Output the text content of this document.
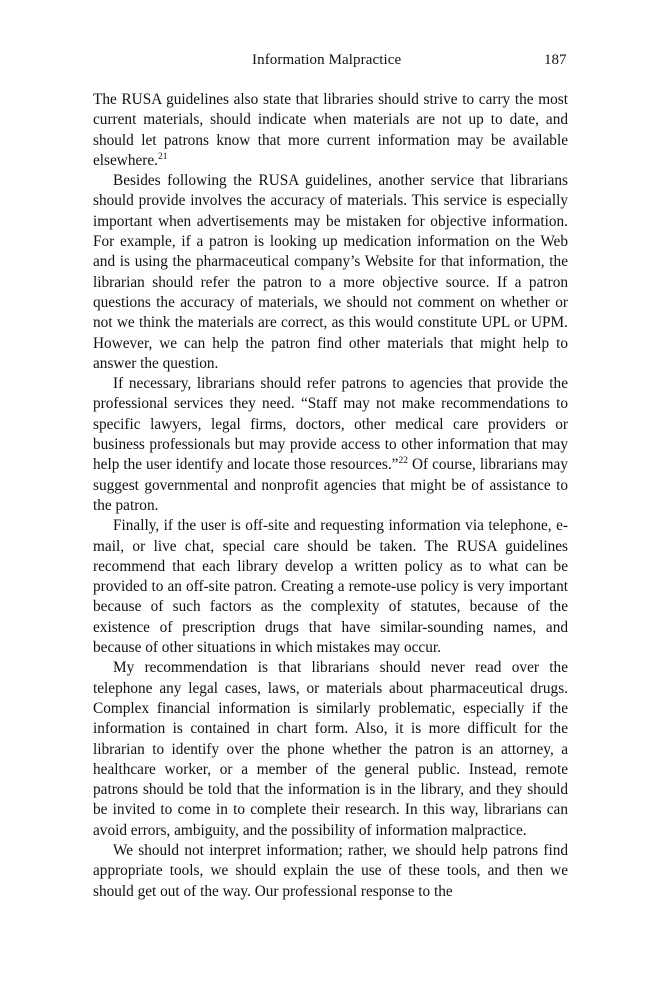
Information Malpractice	187

The RUSA guidelines also state that libraries should strive to carry the most current materials, should indicate when materials are not up to date, and should let patrons know that more current information may be available elsewhere.$^{21}$

Besides following the RUSA guidelines, another service that librarians should provide involves the accuracy of materials. This service is especially important when advertisements may be mistaken for objective information. For example, if a patron is looking up medication information on the Web and is using the pharmaceutical company’s Website for that information, the librarian should refer the patron to a more objective source. If a patron questions the accuracy of materials, we should not comment on whether or not we think the materials are correct, as this would constitute UPL or UPM. However, we can help the patron find other materials that might help to answer the question.

If necessary, librarians should refer patrons to agencies that provide the professional services they need. “Staff may not make recommendations to specific lawyers, legal firms, doctors, other medical care providers or business professionals but may provide access to other information that may help the user identify and locate those resources.”$^{22}$ Of course, librarians may suggest governmental and nonprofit agencies that might be of assistance to the patron.

Finally, if the user is off-site and requesting information via telephone, e-mail, or live chat, special care should be taken. The RUSA guidelines recommend that each library develop a written policy as to what can be provided to an off-site patron. Creating a remote-use policy is very important because of such factors as the complexity of statutes, because of the existence of prescription drugs that have similar-sounding names, and because of other situations in which mistakes may occur.

My recommendation is that librarians should never read over the telephone any legal cases, laws, or materials about pharmaceutical drugs. Complex financial information is similarly problematic, especially if the information is contained in chart form. Also, it is more difficult for the librarian to identify over the phone whether the patron is an attorney, a healthcare worker, or a member of the general public. Instead, remote patrons should be told that the information is in the library, and they should be invited to come in to complete their research. In this way, librarians can avoid errors, ambiguity, and the possibility of information malpractice.

We should not interpret information; rather, we should help patrons find appropriate tools, we should explain the use of these tools, and then we should get out of the way. Our professional response to the
